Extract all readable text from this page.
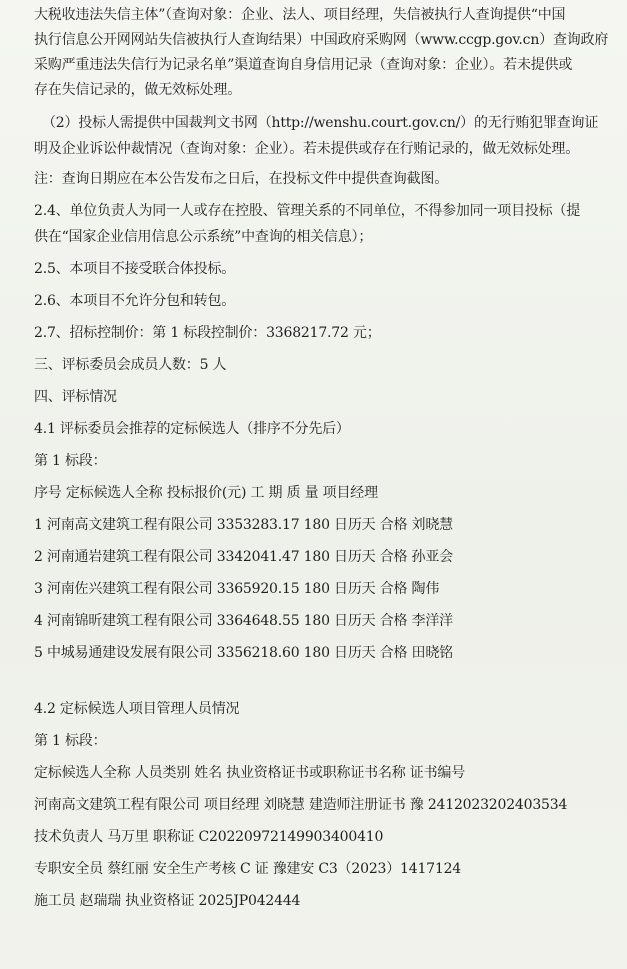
大税收违法失信主体”（查询对象：企业、法人、项目经理，失信被执行人查询提供“中国
执行信息公开网网站失信被执行人查询结果）中国政府采购网（www.ccgp.gov.cn）查询政府
采购严重违法失信行为记录名单”渠道查询自身信用记录（查询对象：企业）。若未提供或
存在失信记录的，做无效标处理。
（2）投标人需提供中国裁判文书网（http://wenshu.court.gov.cn/）的无行贿犯罪查询证
明及企业诉讼仲裁情况（查询对象：企业）。若未提供或存在行贿记录的，做无效标处理。
注：查询日期应在本公告发布之日后，在投标文件中提供查询截图。
2.4、单位负责人为同一人或存在控股、管理关系的不同单位，不得参加同一项目投标（提
供在“国家企业信用信息公示系统”中查询的相关信息）；
2.5、本项目不接受联合体投标。
2.6、本项目不允许分包和转包。
2.7、招标控制价：第 1 标段控制价：3368217.72 元；
三、评标委员会成员人数：5 人
四、评标情况
4.1 评标委员会推荐的定标候选人（排序不分先后）
第 1 标段：
序号 定标候选人全称 投标报价(元) 工 期 质 量 项目经理
1 河南高文建筑工程有限公司 3353283.17 180 日历天 合格 刘晓慧
2 河南通岩建筑工程有限公司 3342041.47 180 日历天 合格 孙亚会
3 河南佐兴建筑工程有限公司 3365920.15 180 日历天 合格 陶伟
4 河南锦昕建筑工程有限公司 3364648.55 180 日历天 合格 李洋洋
5 中城易通建设发展有限公司 3356218.60 180 日历天 合格 田晓铭
4.2 定标候选人项目管理人员情况
第 1 标段：
定标候选人全称 人员类别 姓名 执业资格证书或职称证书名称 证书编号
河南高文建筑工程有限公司 项目经理 刘晓慧 建造师注册证书 豫 241202320240353​4
技术负责人 马万里 职称证 C20220972149903400410
专职安全员 蔡红丽 安全生产考核 C 证 豫建安 C3（2023）1417124
施工员 赵瑞瑞 执业资格证 2025JP042444
